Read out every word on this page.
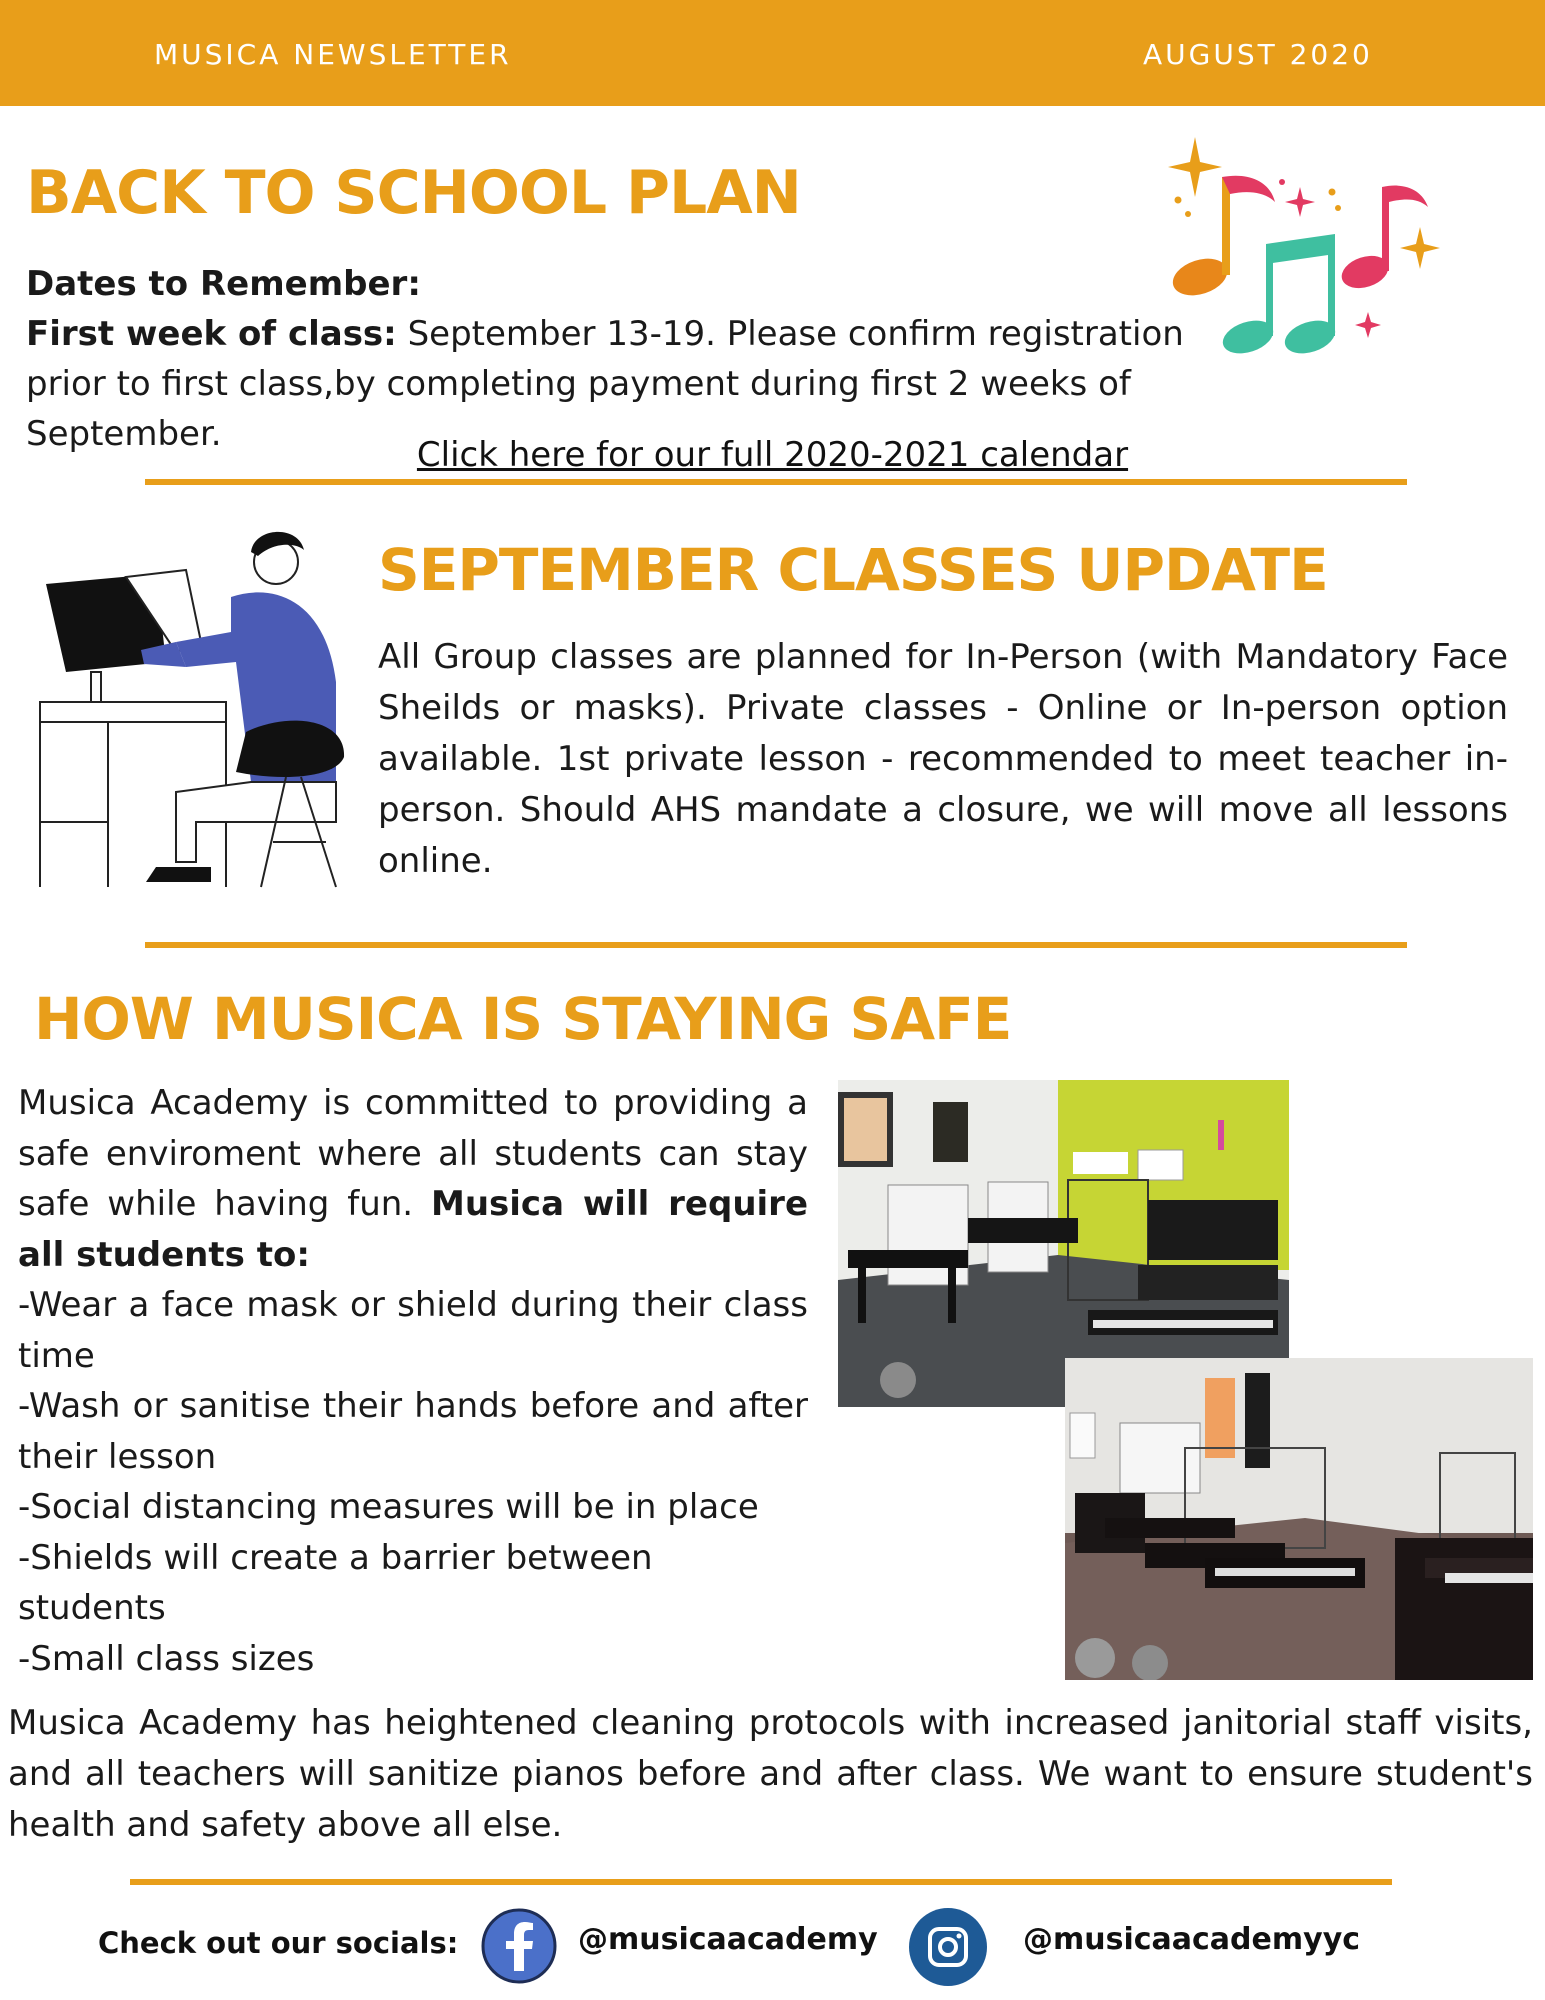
MUSICA NEWSLETTER	AUGUST 2020
BACK TO SCHOOL PLAN
Dates to Remember:
First week of class: September 13-19. Please confirm registration prior to first class,by completing payment during first 2 weeks of September.
Click here for our full 2020-2021 calendar
SEPTEMBER CLASSES UPDATE
All Group classes are planned for In-Person (with Mandatory Face Sheilds or masks). Private classes - Online or In-person option available. 1st private lesson - recommended to meet teacher in-person. Should AHS mandate a closure, we will move all lessons online.
HOW MUSICA IS STAYING SAFE
Musica Academy is committed to providing a safe enviroment where all students can stay safe while having fun. Musica will require all students to:
-Wear a face mask or shield during their class time
-Wash or sanitise their hands before and after their lesson
-Social distancing measures will be in place
-Shields will create a barrier between students
-Small class sizes
Musica Academy has heightened cleaning protocols with increased janitorial staff visits, and all teachers will sanitize pianos before and after class. We want to ensure student's health and safety above all else.
Check out our socials:	@musicaacademy	@musicaacademyyc
